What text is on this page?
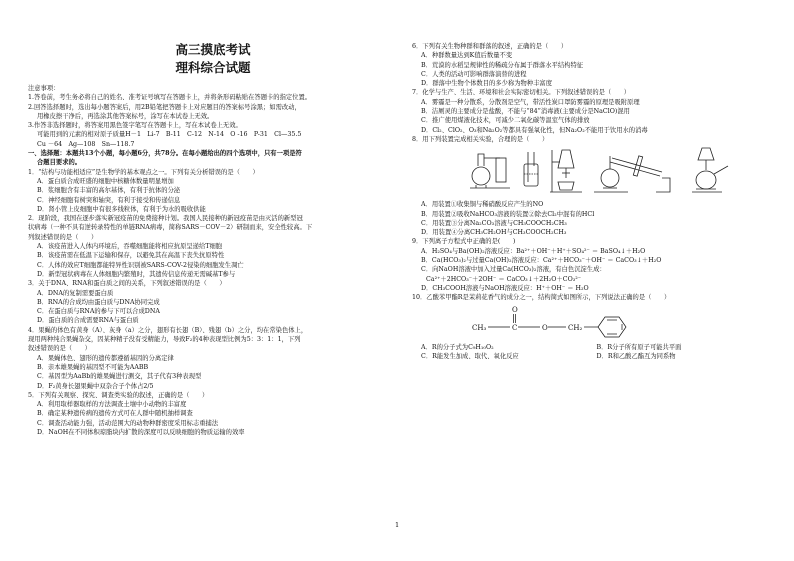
高三摸底考试
理科综合试题
注意事项：
1.答卷前，考生务必将自己的姓名、准考证号填写在答题卡上，并将条形码粘贴在答题卡的指定位置。
2.回答选择题时，选出每小题答案后，用2B铅笔把答题卡上对应题目的答案标号涂黑；如需改动，
用橡皮擦干净后，再选涂其他答案标号，涂写在本试卷上无效。
3.作答非选择题时，将答案用黑色签字笔写在答题卡上，写在本试卷上无效。
可能用到的元素的相对原子质量H－1　Li-7　B-11　C-12　N-14　O -16　P-31　Cl—35.5
Cu －64　Ag—108　Sn—118.7
一、选择题：本题共13个小题，每小题6分，共78分。在每小题给出的四个选项中，只有一项是符
合题目要求的。
1．“结构与功能相适应”是生物学的基本观点之一。下列有关分析错误的是（　　）
A．蛋白质合成旺盛的细胞中核糖体数量明显增加
B．浆细胞含有丰富的高尔基体，有利于抗体的分泌
C．神经细胞有树突和轴突，有利于接受和传递信息
D．肾小管上皮细胞中有很多线粒体，有利于为水的吸收供能
2．现阶段，我国在逐步落实新冠疫苗的免费接种计划。我国人民接种的新冠疫苗是由灭活的新型冠
状病毒（一种不具有逆转录特性的单链RNA病毒，简称SARS－COV－2）研制而来，安全性较高。下
列叙述错误的是（　　）
A．该疫苗进入人体内环境后，吞噬细胞能将相应抗原呈递给T细胞
B．该疫苗需在低温下运输和保存，以避免其在高温下丧失抗原特性
C．人体的效应T细胞都能特异性识别被SARS-COV-2侵染的细胞发生凋亡
D．新型冠状病毒在人体细胞内繁殖时，其遗传信息传递无需碱基T参与
3．关于DNA、RNA和蛋白质之间的关系，下列叙述错误的是（　　）
A．DNA的复制需要蛋白质
B．RNA的合成均由蛋白质与DNA协同完成
C．在蛋白质与RNA的参与下可以合成DNA
D．蛋白质的合成需要RNA与蛋白质
4．果蝇的体色有黄身（A）、灰身（a）之分，翅形有长翅（B）、残翅（b）之分，均在常染色体上，
现用两种纯合果蝇杂交，因某种精子没有受精能力，导致F₂的4种表现型比例为5：3：1：1，下列
叙述错误的是（　　）
A．果蝇体色、翅形的遗传都遵循基因的分离定律
B．亲本雄果蝇的基因型不可能为AABB
C．基因型为AaBb的雄果蝇进行测交，其子代有3种表现型
D．F₂黄身长翅果蝇中双杂合子个体占2/5
5．下列有关观察、探究、调查类实验的叙述，正确的是（　　）
A．利用取样器取样的方法调查土壤中小动物的丰富度
B．确定某种遗传病的遗传方式可在人群中随机抽样调查
C．调查活动能力强，活动范围大的动物种群密度采用标志重捕法
D．NaOH在不同体积琼脂块内扩散的深度可以反映细胞的物质运输的效率
6．下列有关生物种群和群落的叙述，正确的是（　　）
A．种群数量达到K值后数量不变
B．荒漠的水稻呈规律性的稀疏分布属于群落水平结构特征
C．人类的活动可影响群落演替的进程
D．群落中生物个体数目的多少称为物种丰富度
7．化学与生产、生活、环境和社会实际密切相关。下列叙述错误的是（　　）
A．雾霾是一种分散系，分散剂是空气，带活性炭口罩防雾霾的原理是吸附原理
B．洁厕灵的主要成分是盐酸，不能与“84”消毒液(主要成分是NaClO)混用
C．推广使用煤液化技术，可减少二氧化碳等温室气体的排放
D．Cl₂、ClO₂、O₃和Na₂O₂等都具有强氧化性，但Na₂O₂不能用于饮用水的消毒
8．用下列装置完成相关实验，合理的是（　　）
A．用装置①收集铜与稀硝酸反应产生的NO
B．用装置②吸收NaHCO₃溶液的装置②除去Cl₂中混有的HCl
C．用装置③分离Na₂CO₃溶液与CH₃COOCH₂CH₃
D．用装置④分离CH₃CH₂OH与CH₃COOCH₂CH₃
9．下列离子方程式中正确的是(　　)
A．H₂SO₄与Ba(OH)₂溶液反应：Ba²⁺＋OH⁻＋H⁺＋SO₄²⁻ ＝ BaSO₄↓＋H₂O
B．Ca(HCO₃)₂与过量Ca(OH)₂溶液反应：Ca²⁺＋HCO₃⁻＋OH⁻ ＝ CaCO₃↓＋H₂O
C．向NaOH溶液中加入过量Ca(HCO₃)₂溶液，有白色沉淀生成：
Ca²⁺＋2HCO₃⁻＋2OH⁻ ＝ CaCO₃↓＋2H₂O＋CO₃²⁻
D．CH₃COOH溶液与NaOH溶液反应：H⁺＋OH⁻ ＝ H₂O
10．乙酸苯甲酯R是茉莉花香气的成分之一，结构简式如图所示，下列说法正确的是（　　）
O
CH₃	C	O	CH₂
A．R的分子式为C₉H₁₀O₂	B．R分子所有原子可能共平面
C．R能发生加成、取代、氧化反应	D．R和乙酸乙酯互为同系物
1
